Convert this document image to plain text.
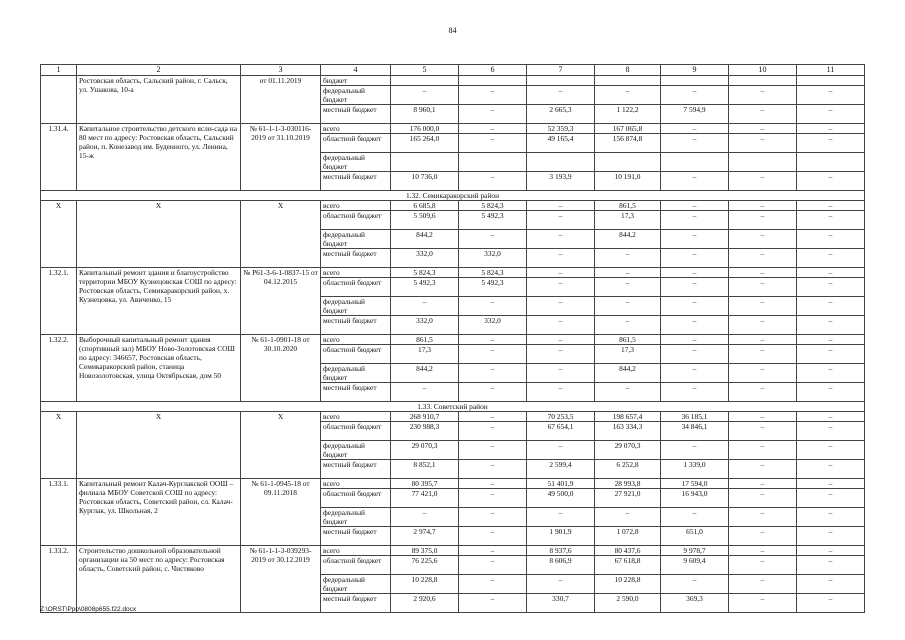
84
1	2	3	4	5	6	7	8	9	10	11
	Ростовская область, Сальский район, г. Сальск, ул. Ушакова, 10-а	от 01.11.2019	бюджет							
			федеральный бюджет	–	–	–	–	–	–	–
			местный бюджет	8 960,1	–	2 665,3	1 122,2	7 594,9	–	–
1.31.4.	Капитальное строительство детского ясли-сада на 80 мест по адресу: Ростовская область, Сальский район, п. Конезавод им. Буденного, ул. Ленина, 15-ж	№ 61-1-1-3-030116-2019 от 31.10.2019	всего	176 000,0	–	52 359,3	167 065,8	–	–	–
			областной бюджет	165 264,0	–	49 165,4	156 874,8	–	–	–
			федеральный бюджет							
			местный бюджет	10 736,0	–	3 193,9	10 191,0	–	–	–
1.32. Семикаракорский район										
Х	Х	Х	всего	6 685,8	5 824,3	–	861,5	–	–	–
			областной бюджет	5 509,6	5 492,3	–	17,3	–	–	–
			федеральный бюджет	844,2	–	–	844,2	–	–	–
			местный бюджет	332,0	332,0	–	–	–	–	–
1.32.1.	Капитальный ремонт здания и благоустройство территории МБОУ Кузнецовская СОШ по адресу: Ростовская область, Семикаракорский район, х. Кузнецовка, ул. Авиченко, 15	№ Р61-3-6-1-0837-15 от 04.12.2015	всего	5 824,3	5 824,3	–	–	–	–	–
			областной бюджет	5 492,3	5 492,3	–	–	–	–	–
			федеральный бюджет	–	–	–	–	–	–	–
			местный бюджет	332,0	332,0	–	–	–	–	–
1.32.2.	Выборочный капитальный ремонт здания (спортивный зал) МБОУ Ново-Золотовская СОШ по адресу: 346657, Ростовская область, Семикаракорский район, станица Новозолотовская, улица Октябрьская, дом 50	№ 61-1-0901-18 от 30.10.2020	всего	861,5	–	–	861,5	–	–	–
			областной бюджет	17,3	–	–	17,3	–	–	–
			федеральный бюджет	844,2	–	–	844,2	–	–	–
			местный бюджет	–	–	–	–	–	–	–
1.33. Советский район										
Х	Х	Х	всего	268 910,7	–	70 253,5	198 657,4	36 185,1	–	–
			областной бюджет	230 988,3	–	67 654,1	163 334,3	34 846,1	–	–
			федеральный бюджет	29 070,3	–	–	29 070,3	–	–	–
			местный бюджет	8 852,1	–	2 599,4	6 252,8	1 339,0	–	–
1.33.1.	Капитальный ремонт Калач-Курглакской ООШ – филиала МБОУ Советской СОШ по адресу: Ростовская область, Советский район, сл. Калач-Курглак, ул. Школьная, 2	№ 61-1-0945-18 от 09.11.2018	всего	80 395,7	–	51 401,9	28 993,8	17 594,0	–	–
			областной бюджет	77 421,0	–	49 500,0	27 921,0	16 943,0	–	–
			федеральный бюджет	–	–	–	–	–	–	–
			местный бюджет	2 974,7	–	1 901,9	1 072,8	651,0	–	–
1.33.2.	Строительство дошкольной образовательной организации на 50 мест по адресу: Ростовская область, Советский район, с. Чистяково	№ 61-1-1-3-039293-2019 от 30.12.2019	всего	89 375,0	–	8 937,6	80 437,6	9 978,7	–	–
			областной бюджет	76 225,6	–	8 606,9	67 618,8	9 609,4	–	–
			федеральный бюджет	10 228,8	–	–	10 228,8	–	–	–
			местный бюджет	2 920,6	–	330,7	2 590,0	369,3	–	–
Z:\ORST\Ppo\0808p655.f22.docx
